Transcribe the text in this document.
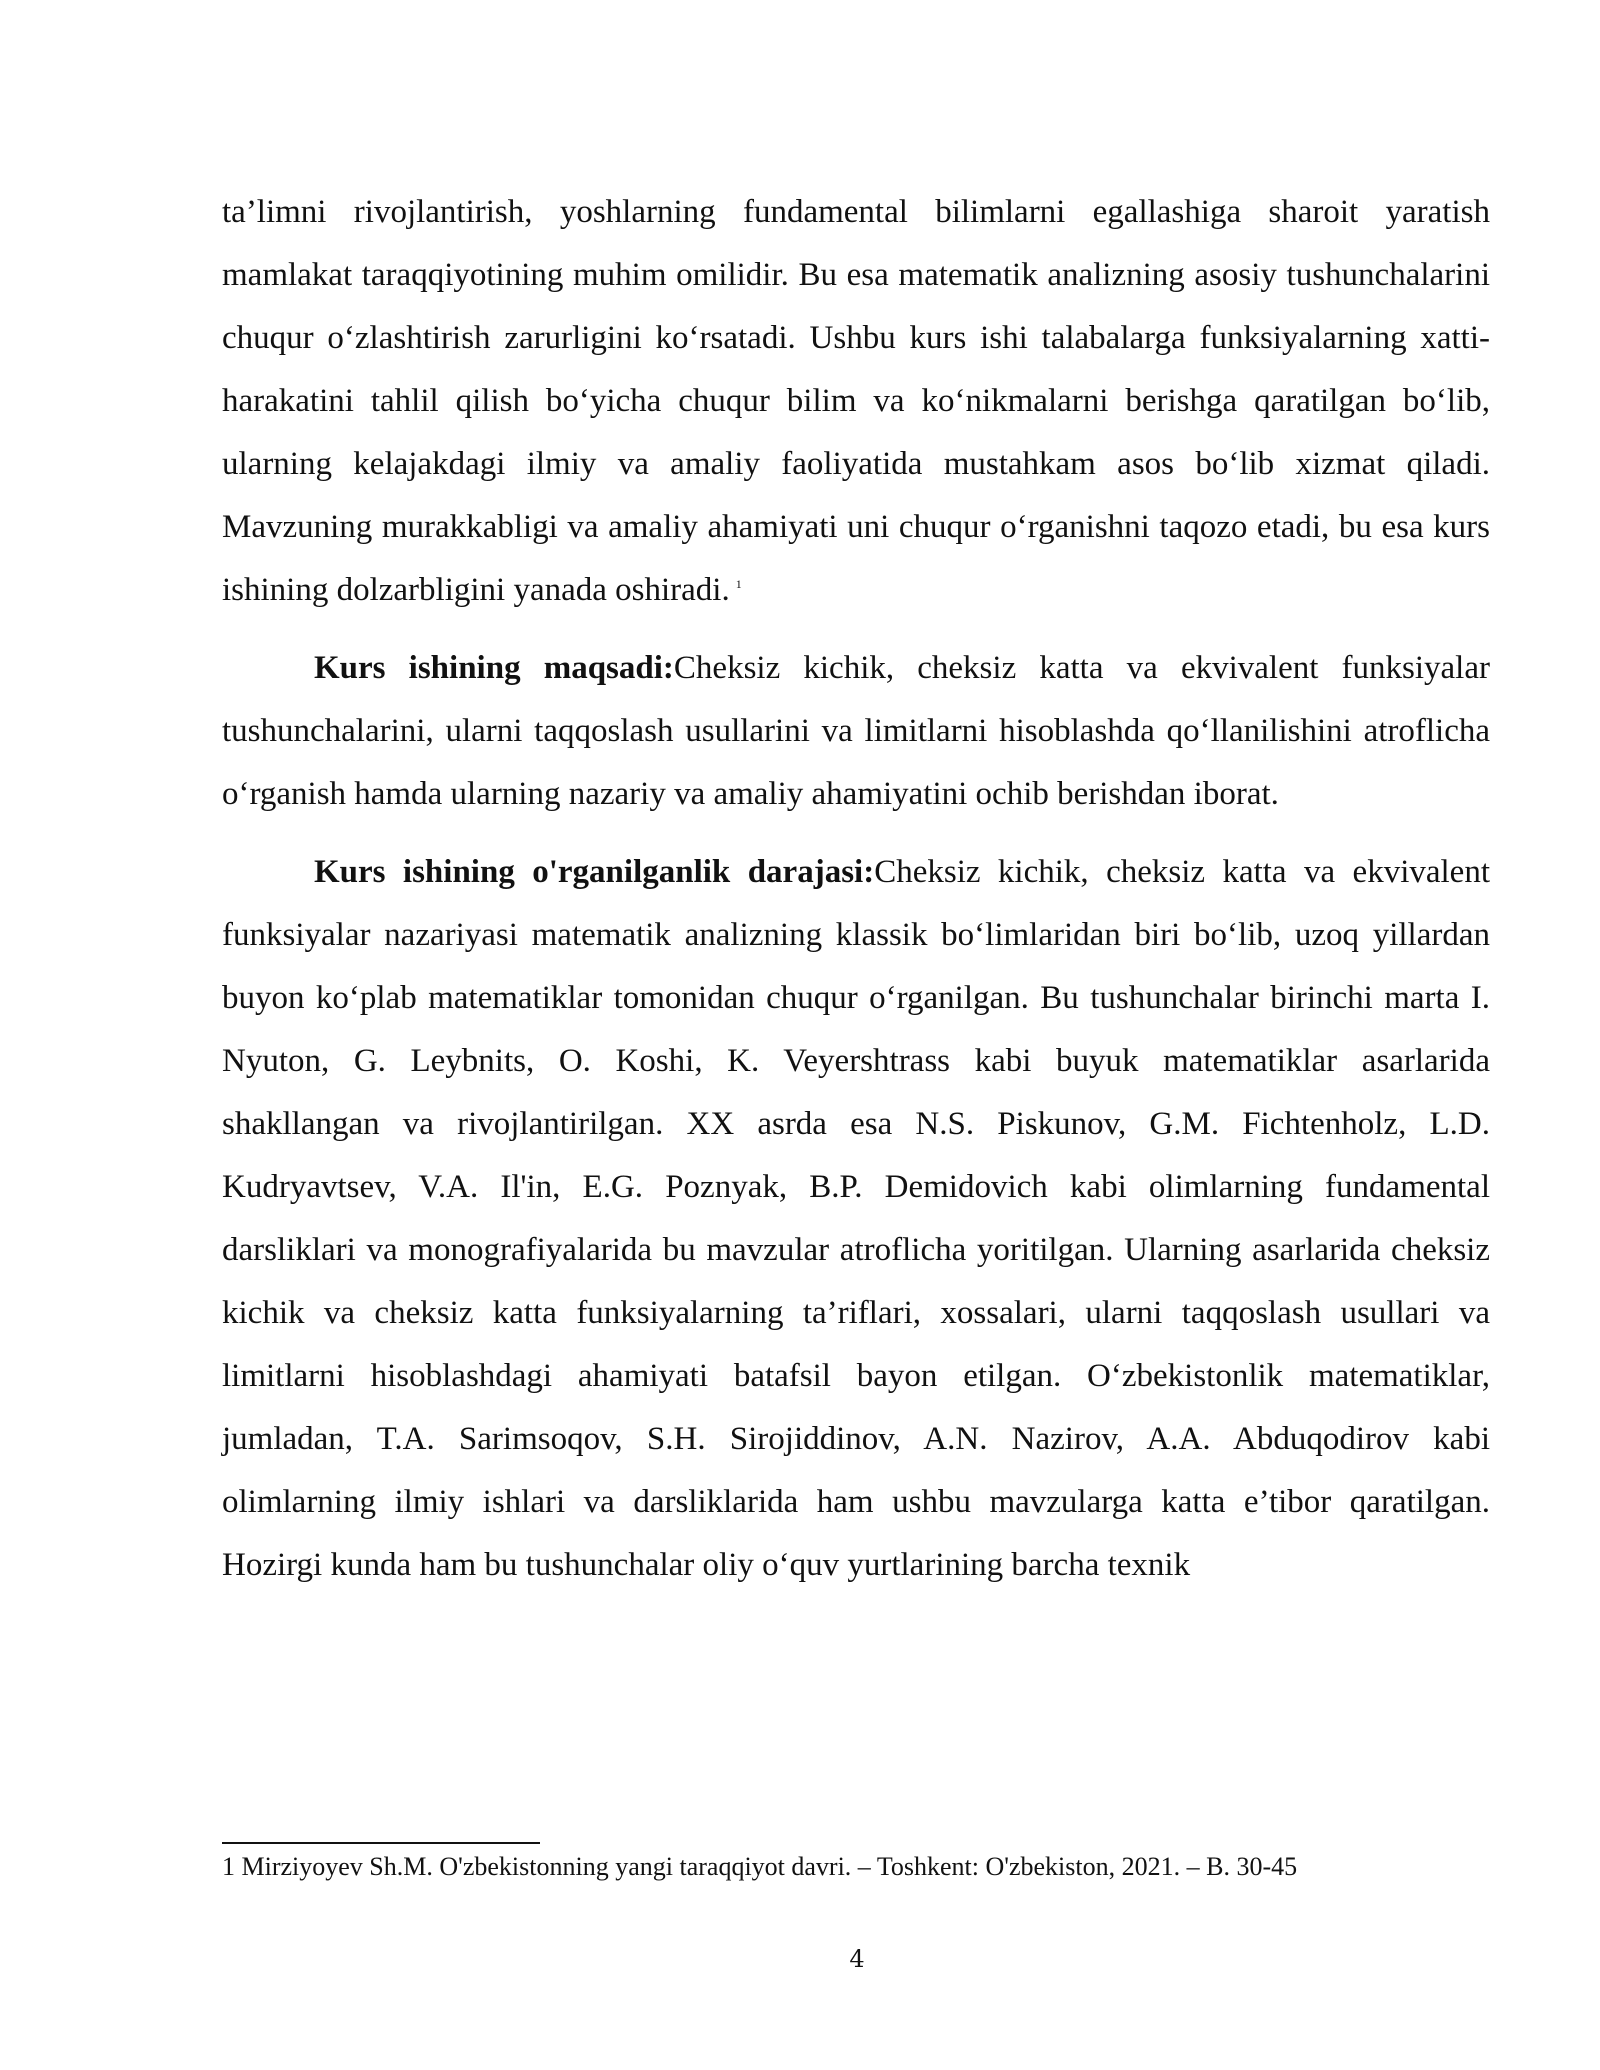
ta’limni rivojlantirish, yoshlarning fundamental bilimlarni egallashiga sharoit yaratish mamlakat taraqqiyotining muhim omilidir. Bu esa matematik analizning asosiy tushunchalarini chuqur o‘zlashtirish zarurligini ko‘rsatadi. Ushbu kurs ishi talabalarga funksiyalarning xatti-harakatini tahlil qilish bo‘yicha chuqur bilim va ko‘nikmalarni berishga qaratilgan bo‘lib, ularning kelajakdagi ilmiy va amaliy faoliyatida mustahkam asos bo‘lib xizmat qiladi. Mavzuning murakkabligi va amaliy ahamiyati uni chuqur o‘rganishni taqozo etadi, bu esa kurs ishining dolzarbligini yanada oshiradi. $^1$

Kurs ishining maqsadi:Cheksiz kichik, cheksiz katta va ekvivalent funksiyalar tushunchalarini, ularni taqqoslash usullarini va limitlarni hisoblashda qo‘llanilishini atroflicha o‘rganish hamda ularning nazariy va amaliy ahamiyatini ochib berishdan iborat.

Kurs ishining o'rganilganlik darajasi:Cheksiz kichik, cheksiz katta va ekvivalent funksiyalar nazariyasi matematik analizning klassik bo‘limlaridan biri bo‘lib, uzoq yillardan buyon ko‘plab matematiklar tomonidan chuqur o‘rganilgan. Bu tushunchalar birinchi marta I. Nyuton, G. Leybnits, O. Koshi, K. Veyershtrass kabi buyuk matematiklar asarlarida shakllangan va rivojlantirilgan. XX asrda esa N.S. Piskunov, G.M. Fichtenholz, L.D. Kudryavtsev, V.A. Il'in, E.G. Poznyak, B.P. Demidovich kabi olimlarning fundamental darsliklari va monografiyalarida bu mavzular atroflicha yoritilgan. Ularning asarlarida cheksiz kichik va cheksiz katta funksiyalarning ta’riflari, xossalari, ularni taqqoslash usullari va limitlarni hisoblashdagi ahamiyati batafsil bayon etilgan. O‘zbekistonlik matematiklar, jumladan, T.A. Sarimsoqov, S.H. Sirojiddinov, A.N. Nazirov, A.A. Abduqodirov kabi olimlarning ilmiy ishlari va darsliklarida ham ushbu mavzularga katta e’tibor qaratilgan. Hozirgi kunda ham bu tushunchalar oliy o‘quv yurtlarining barcha texnik

1 Mirziyoyev Sh.M. O'zbekistonning yangi taraqqiyot davri. – Toshkent: O'zbekiston, 2021. – B. 30-45
4
